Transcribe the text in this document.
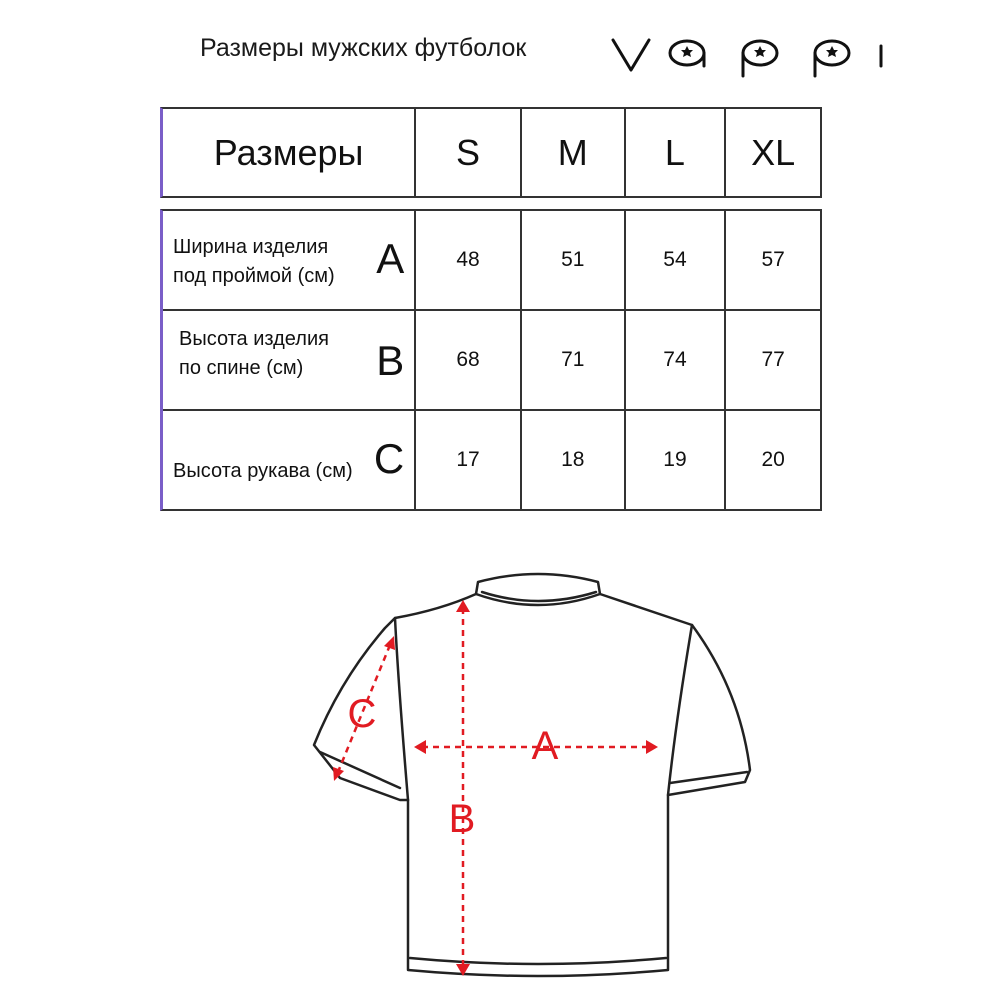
Размеры мужских футболок
Размеры	S M L XL
Ширина изделия
под проймой (см) A 48	51	54	57
Высота изделия
по спине (см)	B 68	71	74	77
Высота рукава (см) C 17	18	19	20
A
B
C
